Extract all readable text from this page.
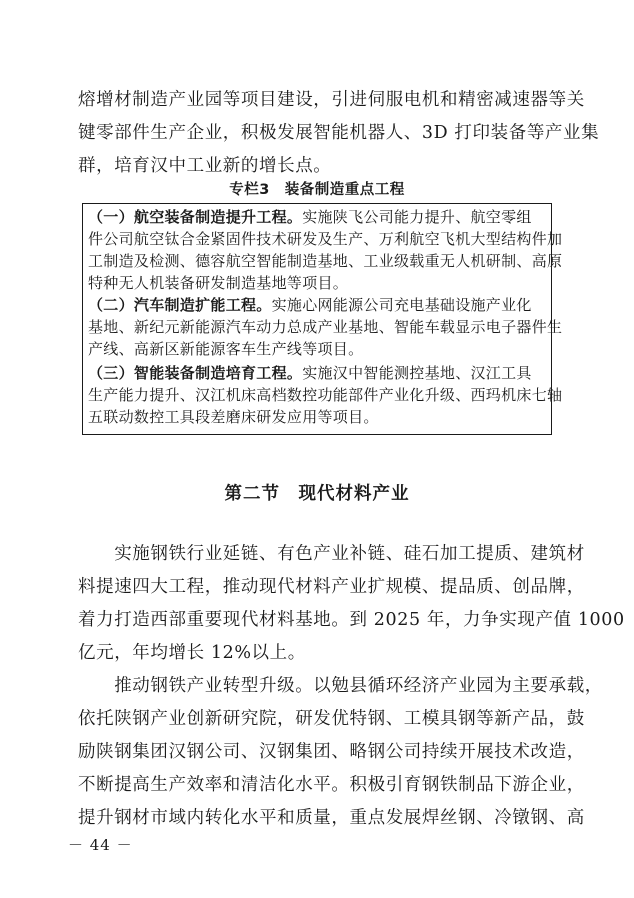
熔增材制造产业园等项目建设，引进伺服电机和精密减速器等关
键零部件生产企业，积极发展智能机器人、3D 打印装备等产业集
群，培育汉中工业新的增长点。
专栏3　装备制造重点工程
（一）航空装备制造提升工程。实施陕飞公司能力提升、航空零组
件公司航空钛合金紧固件技术研发及生产、万利航空飞机大型结构件加
工制造及检测、德容航空智能制造基地、工业级载重无人机研制、高原
特种无人机装备研发制造基地等项目。
（二）汽车制造扩能工程。实施心网能源公司充电基础设施产业化
基地、新纪元新能源汽车动力总成产业基地、智能车载显示电子器件生
产线、高新区新能源客车生产线等项目。
（三）智能装备制造培育工程。实施汉中智能测控基地、汉江工具
生产能力提升、汉江机床高档数控功能部件产业化升级、西玛机床七轴
五联动数控工具段差磨床研发应用等项目。
第二节　现代材料产业
　　实施钢铁行业延链、有色产业补链、硅石加工提质、建筑材
料提速四大工程，推动现代材料产业扩规模、提品质、创品牌，
着力打造西部重要现代材料基地。到 2025 年，力争实现产值 1000
亿元，年均增长 12%以上。
　　推动钢铁产业转型升级。以勉县循环经济产业园为主要承载，
依托陕钢产业创新研究院，研发优特钢、工模具钢等新产品，鼓
励陕钢集团汉钢公司、汉钢集团、略钢公司持续开展技术改造，
不断提高生产效率和清洁化水平。积极引育钢铁制品下游企业，
提升钢材市域内转化水平和质量，重点发展焊丝钢、冷镦钢、高
－ 44 －
